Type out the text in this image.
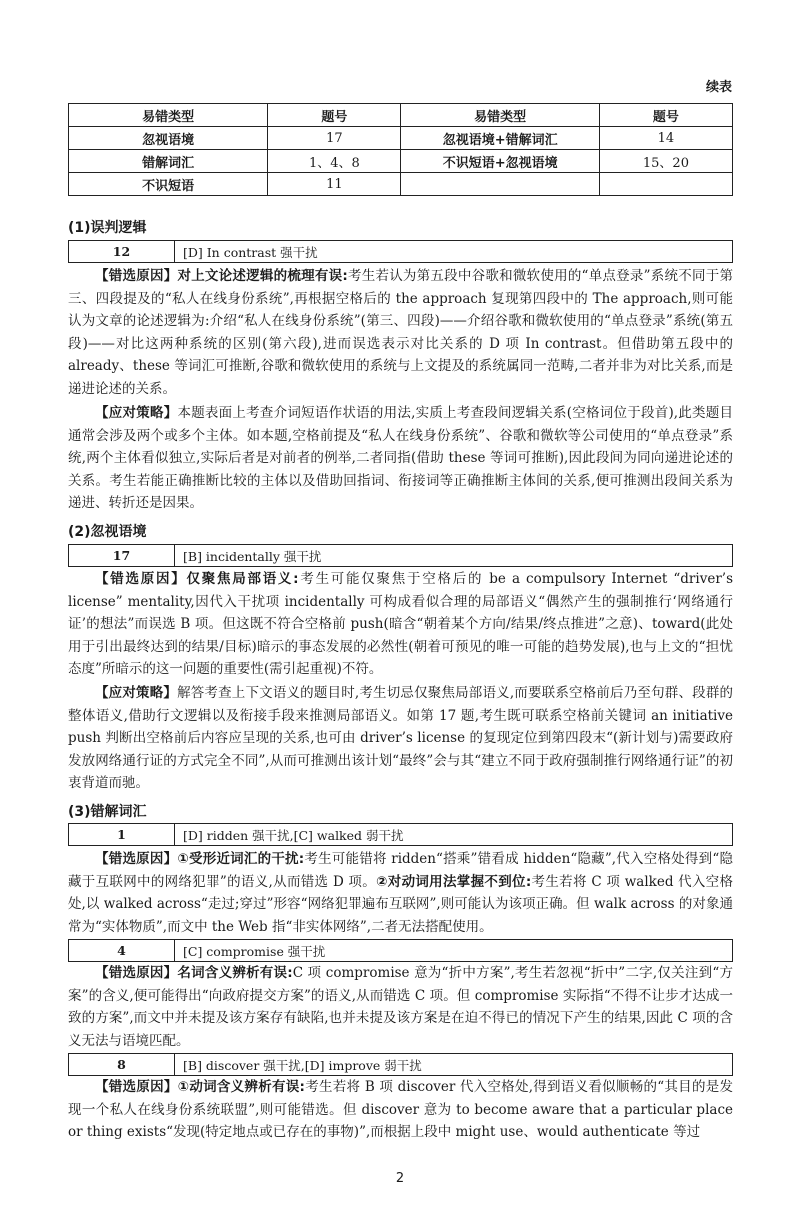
续表
易错类型	题号	易错类型	题号
忽视语境	17	忽视语境+错解词汇	14
错解词汇	1、4、8	不识短语+忽视语境	15、20
不识短语	11		
(1)误判逻辑
12	[D] In contrast 强干扰

【错选原因】对上文论述逻辑的梳理有误:考生若认为第五段中谷歌和微软使用的“单点登录”系统不同于第三、四段提及的“私人在线身份系统”,再根据空格后的 the approach 复现第四段中的 The approach,则可能认为文章的论述逻辑为:介绍“私人在线身份系统”(第三、四段)——介绍谷歌和微软使用的“单点登录”系统(第五段)——对比这两种系统的区别(第六段),进而误选表示对比关系的 D 项 In contrast。但借助第五段中的 already、these 等词汇可推断,谷歌和微软使用的系统与上文提及的系统属同一范畴,二者并非为对比关系,而是递进论述的关系。

【应对策略】本题表面上考查介词短语作状语的用法,实质上考查段间逻辑关系(空格词位于段首),此类题目通常会涉及两个或多个主体。如本题,空格前提及“私人在线身份系统”、谷歌和微软等公司使用的“单点登录”系统,两个主体看似独立,实际后者是对前者的例举,二者同指(借助 these 等词可推断),因此段间为同向递进论述的关系。考生若能正确推断比较的主体以及借助回指词、衔接词等正确推断主体间的关系,便可推测出段间关系为递进、转折还是因果。

(2)忽视语境
17	[B] incidentally 强干扰

【错选原因】仅聚焦局部语义:考生可能仅聚焦于空格后的 be a compulsory Internet “driver’s license” mentality,因代入干扰项 incidentally 可构成看似合理的局部语义“偶然产生的强制推行‘网络通行证’的想法”而误选 B 项。但这既不符合空格前 push(暗含“朝着某个方向/结果/终点推进”之意)、toward(此处用于引出最终达到的结果/目标)暗示的事态发展的必然性(朝着可预见的唯一可能的趋势发展),也与上文的“担忧态度”所暗示的这一问题的重要性(需引起重视)不符。

【应对策略】解答考查上下文语义的题目时,考生切忌仅聚焦局部语义,而要联系空格前后乃至句群、段群的整体语义,借助行文逻辑以及衔接手段来推测局部语义。如第 17 题,考生既可联系空格前关键词 an initiative push 判断出空格前后内容应呈现的关系,也可由 driver’s license 的复现定位到第四段末“(新计划与)需要政府发放网络通行证的方式完全不同”,从而可推测出该计划“最终”会与其“建立不同于政府强制推行网络通行证”的初衷背道而驰。

(3)错解词汇
1	[D] ridden 强干扰,[C] walked 弱干扰

【错选原因】①受形近词汇的干扰:考生可能错将 ridden“搭乘”错看成 hidden“隐藏”,代入空格处得到“隐藏于互联网中的网络犯罪”的语义,从而错选 D 项。②对动词用法掌握不到位:考生若将 C 项 walked 代入空格处,以 walked across“走过;穿过”形容“网络犯罪遍布互联网”,则可能认为该项正确。但 walk across 的对象通常为“实体物质”,而文中 the Web 指“非实体网络”,二者无法搭配使用。

4	[C] compromise 强干扰

【错选原因】名词含义辨析有误:C 项 compromise 意为“折中方案”,考生若忽视“折中”二字,仅关注到“方案”的含义,便可能得出“向政府提交方案”的语义,从而错选 C 项。但 compromise 实际指“不得不让步才达成一致的方案”,而文中并未提及该方案存有缺陷,也并未提及该方案是在迫不得已的情况下产生的结果,因此 C 项的含义无法与语境匹配。

8	[B] discover 强干扰,[D] improve 弱干扰

【错选原因】①动词含义辨析有误:考生若将 B 项 discover 代入空格处,得到语义看似顺畅的“其目的是发现一个私人在线身份系统联盟”,则可能错选。但 discover 意为 to become aware that a particular place or thing exists“发现(特定地点或已存在的事物)”,而根据上段中 might use、would authenticate 等过

2
